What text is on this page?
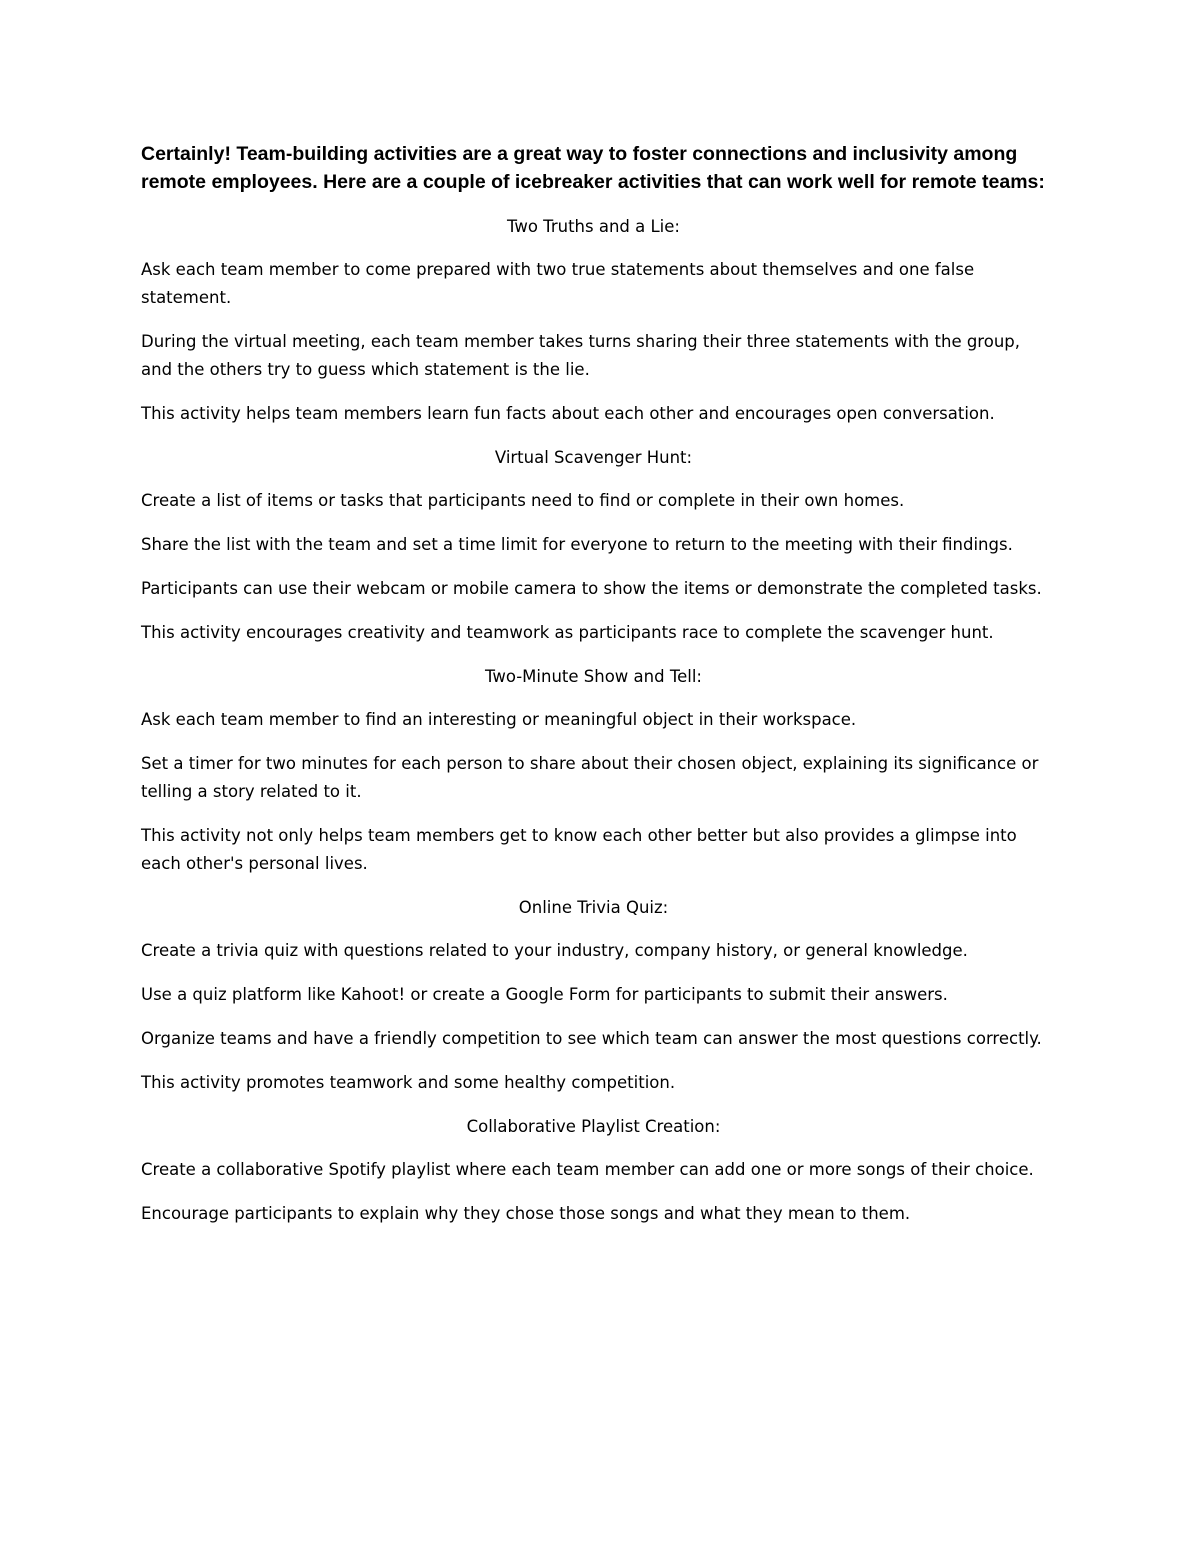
Certainly! Team-building activities are a great way to foster connections and inclusivity among remote employees. Here are a couple of icebreaker activities that can work well for remote teams:

Two Truths and a Lie:

Ask each team member to come prepared with two true statements about themselves and one false statement.

During the virtual meeting, each team member takes turns sharing their three statements with the group, and the others try to guess which statement is the lie.

This activity helps team members learn fun facts about each other and encourages open conversation.

Virtual Scavenger Hunt:

Create a list of items or tasks that participants need to find or complete in their own homes.

Share the list with the team and set a time limit for everyone to return to the meeting with their findings.

Participants can use their webcam or mobile camera to show the items or demonstrate the completed tasks.

This activity encourages creativity and teamwork as participants race to complete the scavenger hunt.

Two-Minute Show and Tell:

Ask each team member to find an interesting or meaningful object in their workspace.

Set a timer for two minutes for each person to share about their chosen object, explaining its significance or telling a story related to it.

This activity not only helps team members get to know each other better but also provides a glimpse into each other's personal lives.

Online Trivia Quiz:

Create a trivia quiz with questions related to your industry, company history, or general knowledge.

Use a quiz platform like Kahoot! or create a Google Form for participants to submit their answers.

Organize teams and have a friendly competition to see which team can answer the most questions correctly.

This activity promotes teamwork and some healthy competition.

Collaborative Playlist Creation:

Create a collaborative Spotify playlist where each team member can add one or more songs of their choice.

Encourage participants to explain why they chose those songs and what they mean to them.
